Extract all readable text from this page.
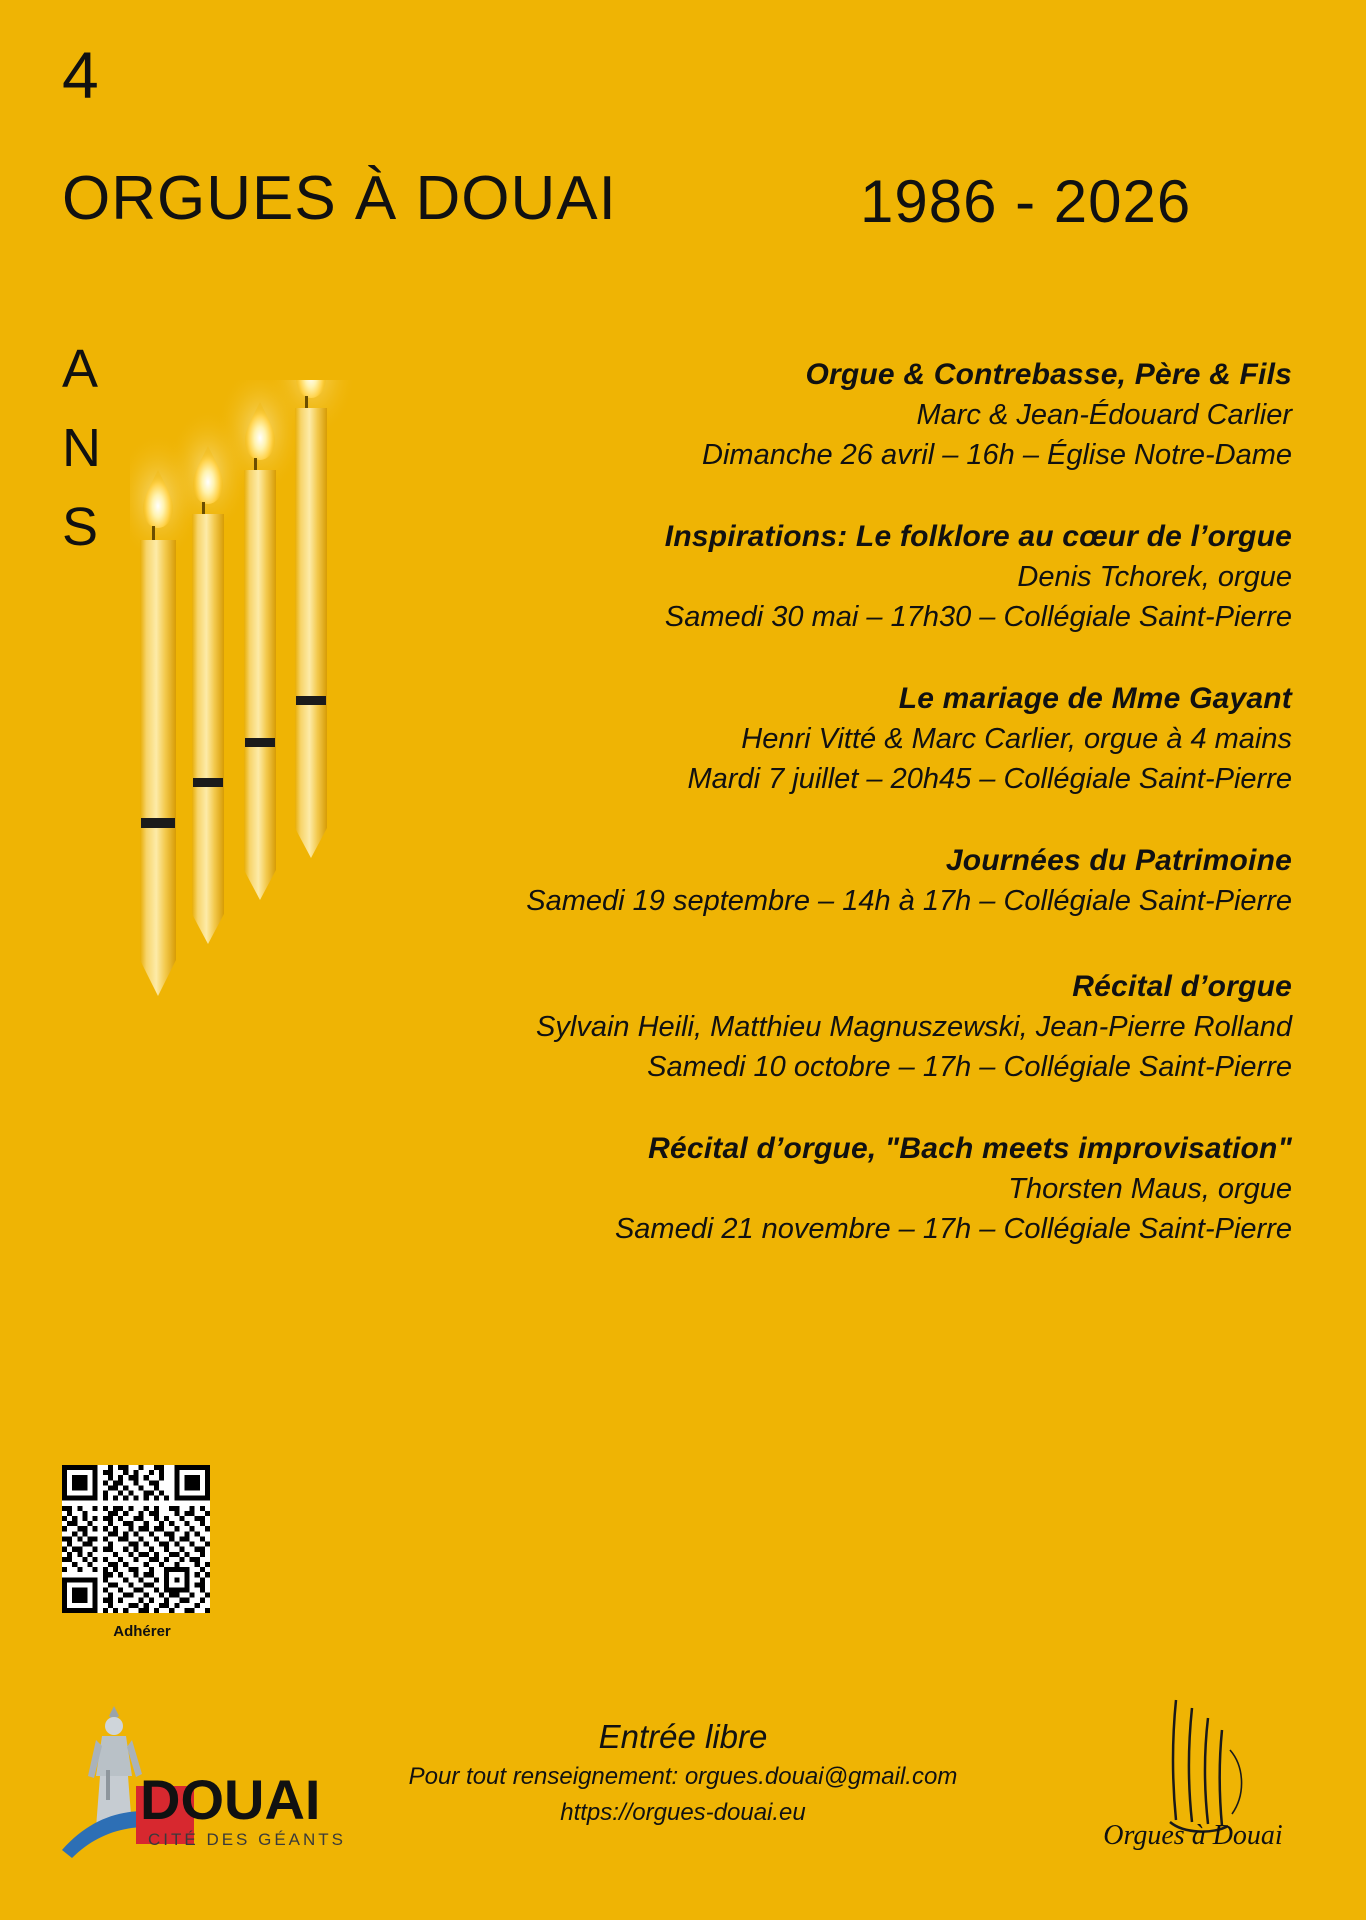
4
ORGUES À DOUAI	1986 - 2026
A
N
S
Orgue & Contrebasse, Père & Fils
Marc & Jean-Édouard Carlier
Dimanche 26 avril – 16h – Église Notre-Dame
Inspirations: Le folklore au cœur de l’orgue
Denis Tchorek, orgue
Samedi 30 mai – 17h30 – Collégiale Saint-Pierre
Le mariage de Mme Gayant
Henri Vitté & Marc Carlier, orgue à 4 mains
Mardi 7 juillet – 20h45 – Collégiale Saint-Pierre
Journées du Patrimoine
Samedi 19 septembre – 14h à 17h – Collégiale Saint-Pierre
Récital d’orgue
Sylvain Heili, Matthieu Magnuszewski, Jean-Pierre Rolland
Samedi 10 octobre – 17h – Collégiale Saint-Pierre
Récital d’orgue, "Bach meets improvisation"
Thorsten Maus, orgue
Samedi 21 novembre – 17h – Collégiale Saint-Pierre
Adhérer
Entrée libre
Pour tout renseignement: orgues.douai@gmail.com
https://orgues-douai.eu
DOUAI
CITÉ DES GÉANTS	Orgues à Douai
